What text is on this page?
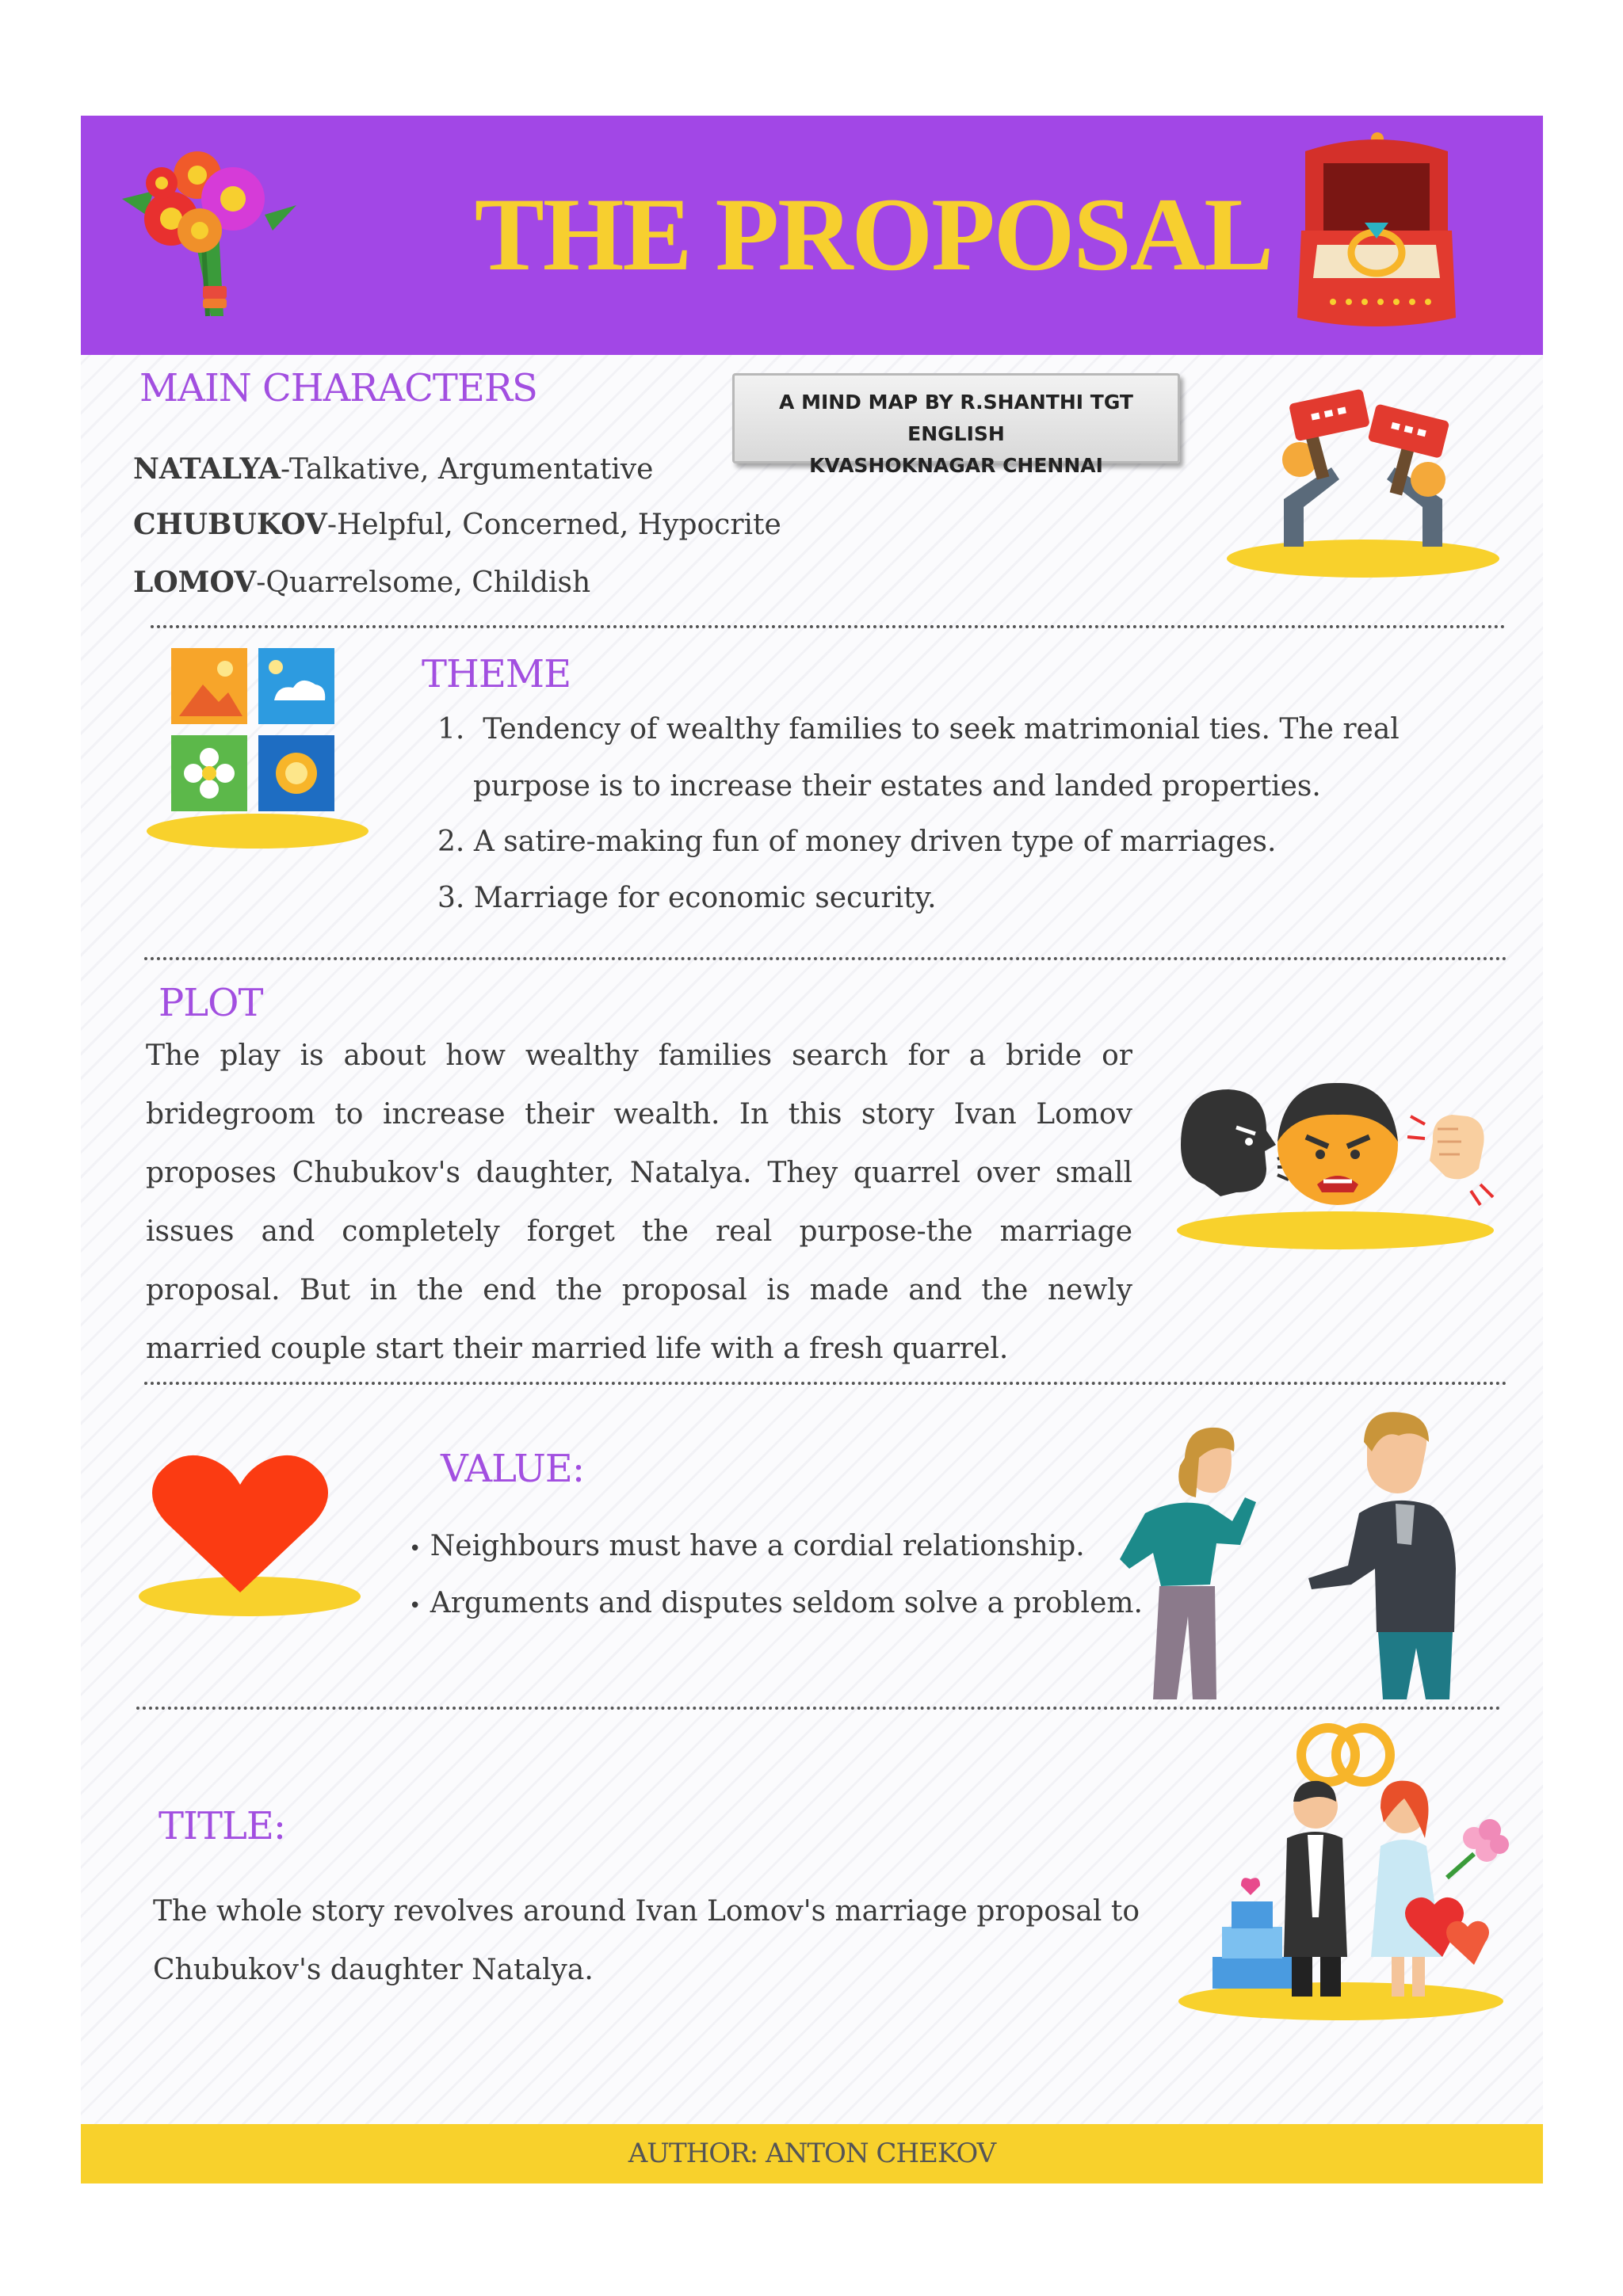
THE PROPOSAL
MAIN CHARACTERS	A MIND MAP BY R.SHANTHI TGT ENGLISH
KVASHOKNAGAR CHENNAI
NATALYA-Talkative, Argumentative
CHUBUKOV-Helpful, Concerned, Hypocrite
LOMOV-Quarrelsome, Childish
THEME
1. Tendency of wealthy families to seek matrimonial ties. The real
purpose is to increase their estates and landed properties.
2. A satire-making fun of money driven type of marriages.
3. Marriage for economic security.
PLOT
The play is about how wealthy families search for a bride or bridegroom to increase their wealth. In this story Ivan Lomov proposes Chubukov's daughter, Natalya. They quarrel over small issues and completely forget the real purpose-the marriage proposal. But in the end the proposal is made and the newly married couple start their married life with a fresh quarrel.
VALUE:
• Neighbours must have a cordial relationship.
• Arguments and disputes seldom solve a problem.
TITLE:
The whole story revolves around Ivan Lomov's marriage proposal to Chubukov's daughter Natalya.
AUTHOR: ANTON CHEKOV
